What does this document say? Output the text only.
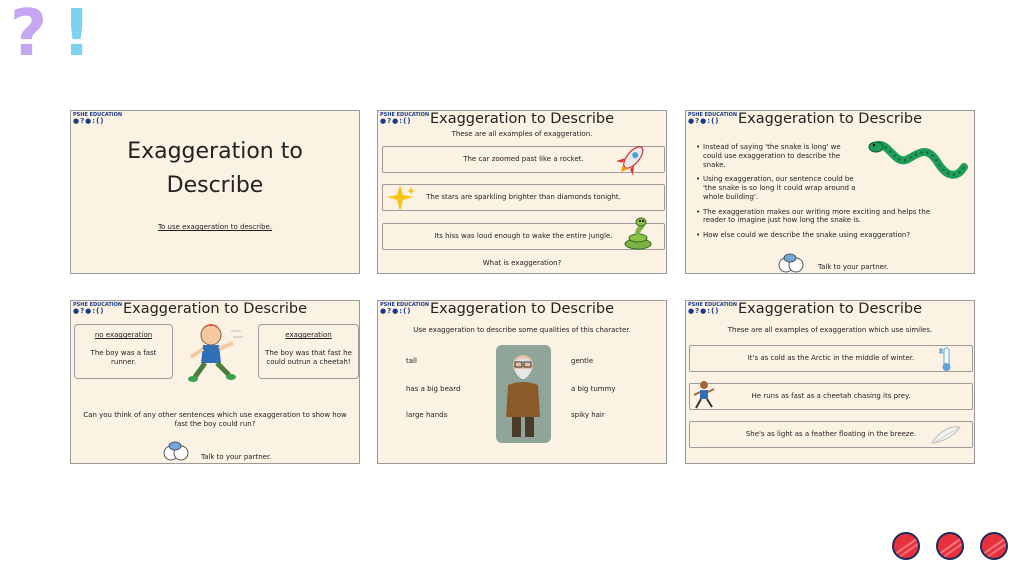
? !
PSHE EDUCATION
●?●:()
Exaggeration to
Describe
To use exaggeration to describe.
PSHE EDUCATION
●?●:()	Exaggeration to Describe
These are all examples of exaggeration.
The car zoomed past like a rocket.
The stars are sparkling brighter than diamonds tonight.
Its hiss was loud enough to wake the entire jungle.
What is exaggeration?
PSHE EDUCATION
●?●:()	Exaggeration to Describe
• Instead of saying 'the snake is long' we could use exaggeration to describe the snake.
• Using exaggeration, our sentence could be 'the snake is so long it could wrap around a whole building'.
• The exaggeration makes our writing more exciting and helps the reader to imagine just how long the snake is.
• How else could we describe the snake using exaggeration?
Talk to your partner.
PSHE EDUCATION
●?●:()	Exaggeration to Describe
no exaggeration
The boy was a fast runner.
exaggeration
The boy was that fast he could outrun a cheetah!
Can you think of any other sentences which use exaggeration to show how fast the boy could run?
Talk to your partner.
PSHE EDUCATION
●?●:()	Exaggeration to Describe
Use exaggeration to describe some qualities of this character.
tall
has a big beard
large hands
gentle
a big tummy
spiky hair
PSHE EDUCATION
●?●:()	Exaggeration to Describe
These are all examples of exaggeration which use similes.
It's as cold as the Arctic in the middle of winter.
He runs as fast as a cheetah chasing its prey.
She's as light as a feather floating in the breeze.
